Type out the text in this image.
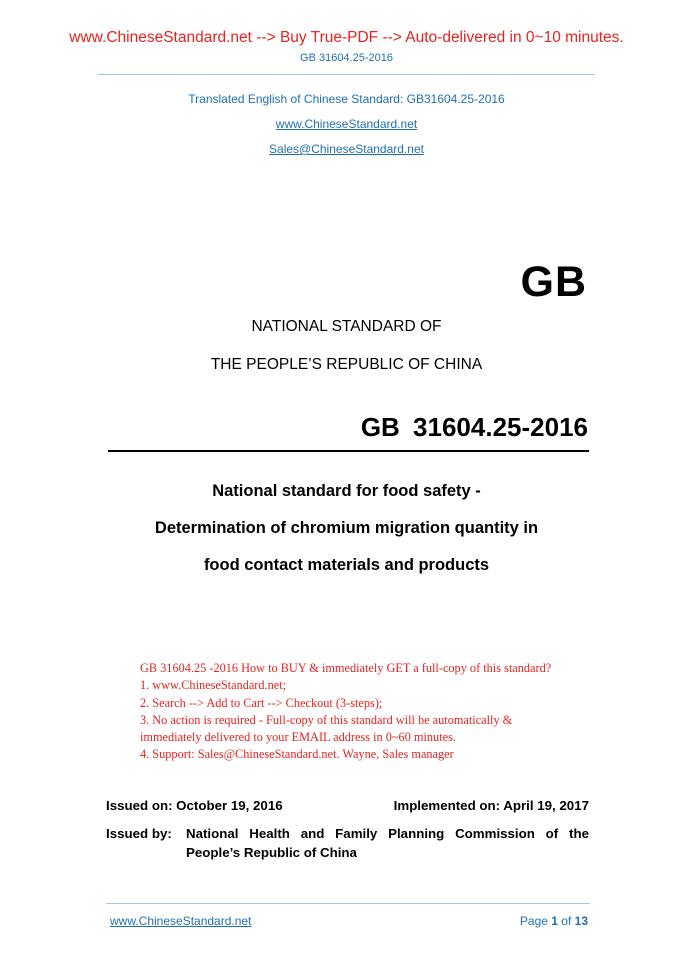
www.ChineseStandard.net --> Buy True-PDF --> Auto-delivered in 0~10 minutes.
GB 31604.25-2016
Translated English of Chinese Standard: GB31604.25-2016
www.ChineseStandard.net
Sales@ChineseStandard.net
GB
NATIONAL STANDARD OF
THE PEOPLE’S REPUBLIC OF CHINA
GB 31604.25-2016
National standard for food safety -
Determination of chromium migration quantity in
food contact materials and products
GB 31604.25 -2016 How to BUY & immediately GET a full-copy of this standard?
1. www.ChineseStandard.net;
2. Search --> Add to Cart --> Checkout (3-steps);
3. No action is required - Full-copy of this standard will be automatically &
immediately delivered to your EMAIL address in 0~60 minutes.
4. Support: Sales@ChineseStandard.net. Wayne, Sales manager
Issued on: October 19, 2016	Implemented on: April 19, 2017
Issued by: National Health and Family Planning Commission of the
People’s Republic of China
www.ChineseStandard.net	Page 1 of 13
